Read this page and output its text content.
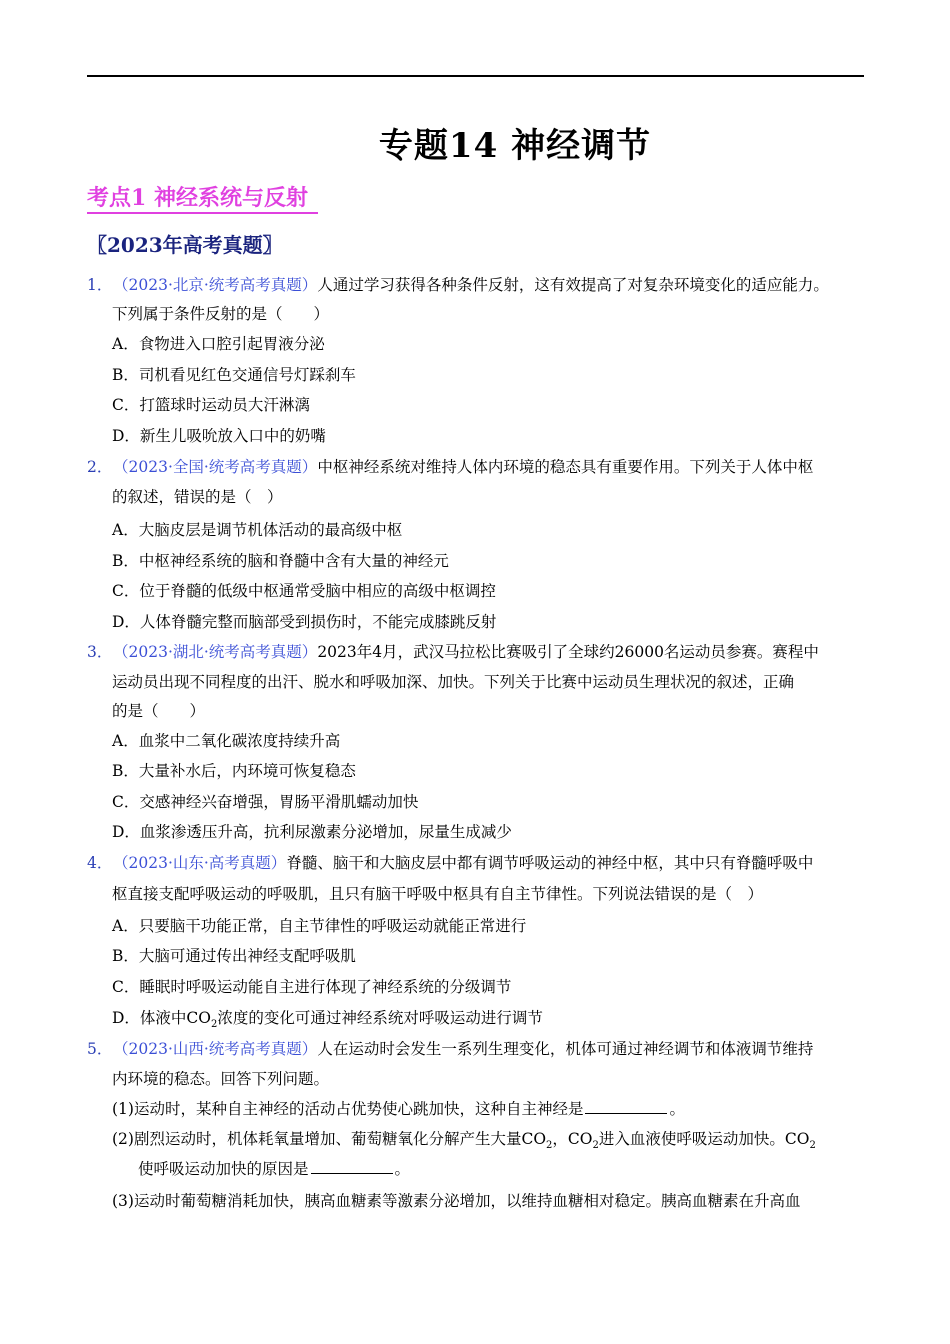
专题14 神经调节
考点1 神经系统与反射
〖2023年高考真题〗
1．（2023·北京·统考高考真题）人通过学习获得各种条件反射，这有效提高了对复杂环境变化的适应能力。
下列属于条件反射的是（　　）
A．食物进入口腔引起胃液分泌
B．司机看见红色交通信号灯踩刹车
C．打篮球时运动员大汗淋漓
D．新生儿吸吮放入口中的奶嘴
2．（2023·全国·统考高考真题）中枢神经系统对维持人体内环境的稳态具有重要作用。下列关于人体中枢
的叙述，错误的是（　）
A．大脑皮层是调节机体活动的最高级中枢
B．中枢神经系统的脑和脊髓中含有大量的神经元
C．位于脊髓的低级中枢通常受脑中相应的高级中枢调控
D．人体脊髓完整而脑部受到损伤时，不能完成膝跳反射
3．（2023·湖北·统考高考真题）2023年4月，武汉马拉松比赛吸引了全球约26000名运动员参赛。赛程中
运动员出现不同程度的出汗、脱水和呼吸加深、加快。下列关于比赛中运动员生理状况的叙述，正确
的是（　　）
A．血浆中二氧化碳浓度持续升高
B．大量补水后，内环境可恢复稳态
C．交感神经兴奋增强，胃肠平滑肌蠕动加快
D．血浆渗透压升高，抗利尿激素分泌增加，尿量生成减少
4．（2023·山东·高考真题）脊髓、脑干和大脑皮层中都有调节呼吸运动的神经中枢，其中只有脊髓呼吸中
枢直接支配呼吸运动的呼吸肌，且只有脑干呼吸中枢具有自主节律性。下列说法错误的是（　）
A．只要脑干功能正常，自主节律性的呼吸运动就能正常进行
B．大脑可通过传出神经支配呼吸肌
C．睡眠时呼吸运动能自主进行体现了神经系统的分级调节
D．体液中$CO_2$浓度的变化可通过神经系统对呼吸运动进行调节
5．（2023·山西·统考高考真题）人在运动时会发生一系列生理变化，机体可通过神经调节和体液调节维持
内环境的稳态。回答下列问题。
(1)运动时，某种自主神经的活动占优势使心跳加快，这种自主神经是	。
(2)剧烈运动时，机体耗氧量增加、葡萄糖氧化分解产生大量$CO_2$，$CO_2$进入血液使呼吸运动加快。$CO_2$
使呼吸运动加快的原因是	。
(3)运动时葡萄糖消耗加快，胰高血糖素等激素分泌增加，以维持血糖相对稳定。胰高血糖素在升高血
